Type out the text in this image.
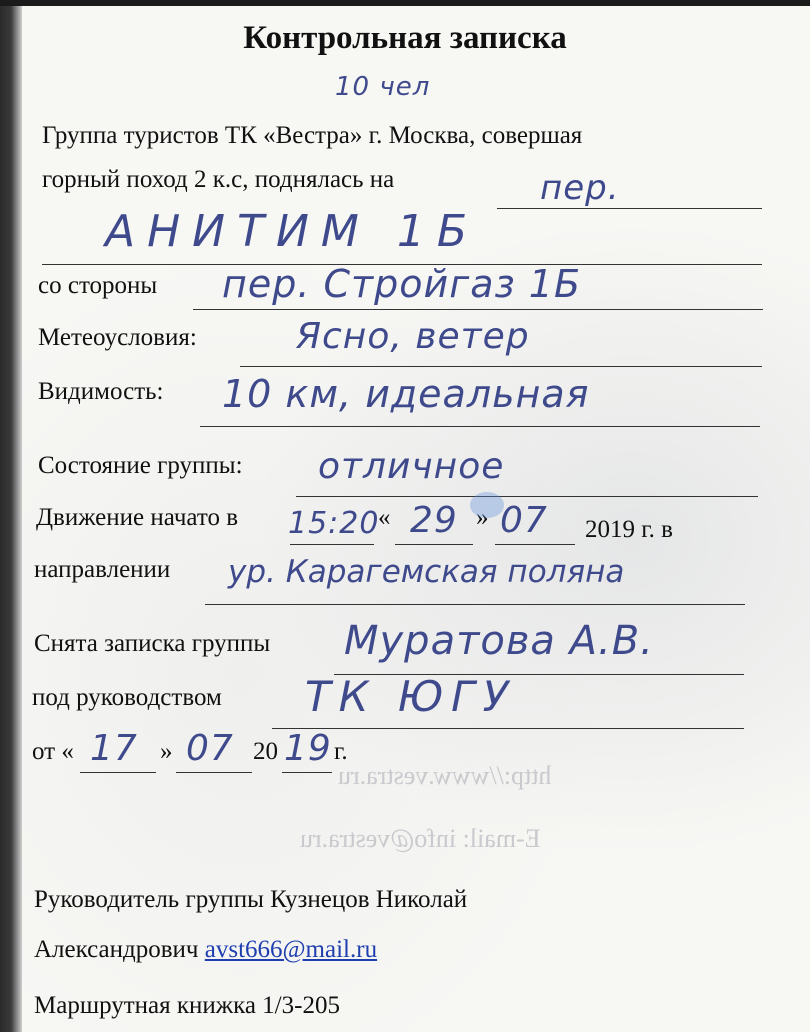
http://www.vestra.ru
E-mail: info@vestra.ru
Контрольная записка
10 чел
Группа туристов ТК «Вестра» г. Москва, совершая
горный поход 2 к.с, поднялась на	пер.
АНИТИМ 1Б
со стороны пер. Стройгаз 1Б
Метеоусловия:	Ясно, ветер
Видимость: 10 км, идеальная
Состояние группы: отличное
Движение начато в 15:20
« 29 » 07 2019 г. в
направлении ур. Карагемская поляна
Снята записка группы Муратова А.В.
под руководством ТК ЮГУ
от « 17 » 07 20 19 г.
Руководитель группы Кузнецов Николай
Александрович avst666@mail.ru
Маршрутная книжка 1/3-205
